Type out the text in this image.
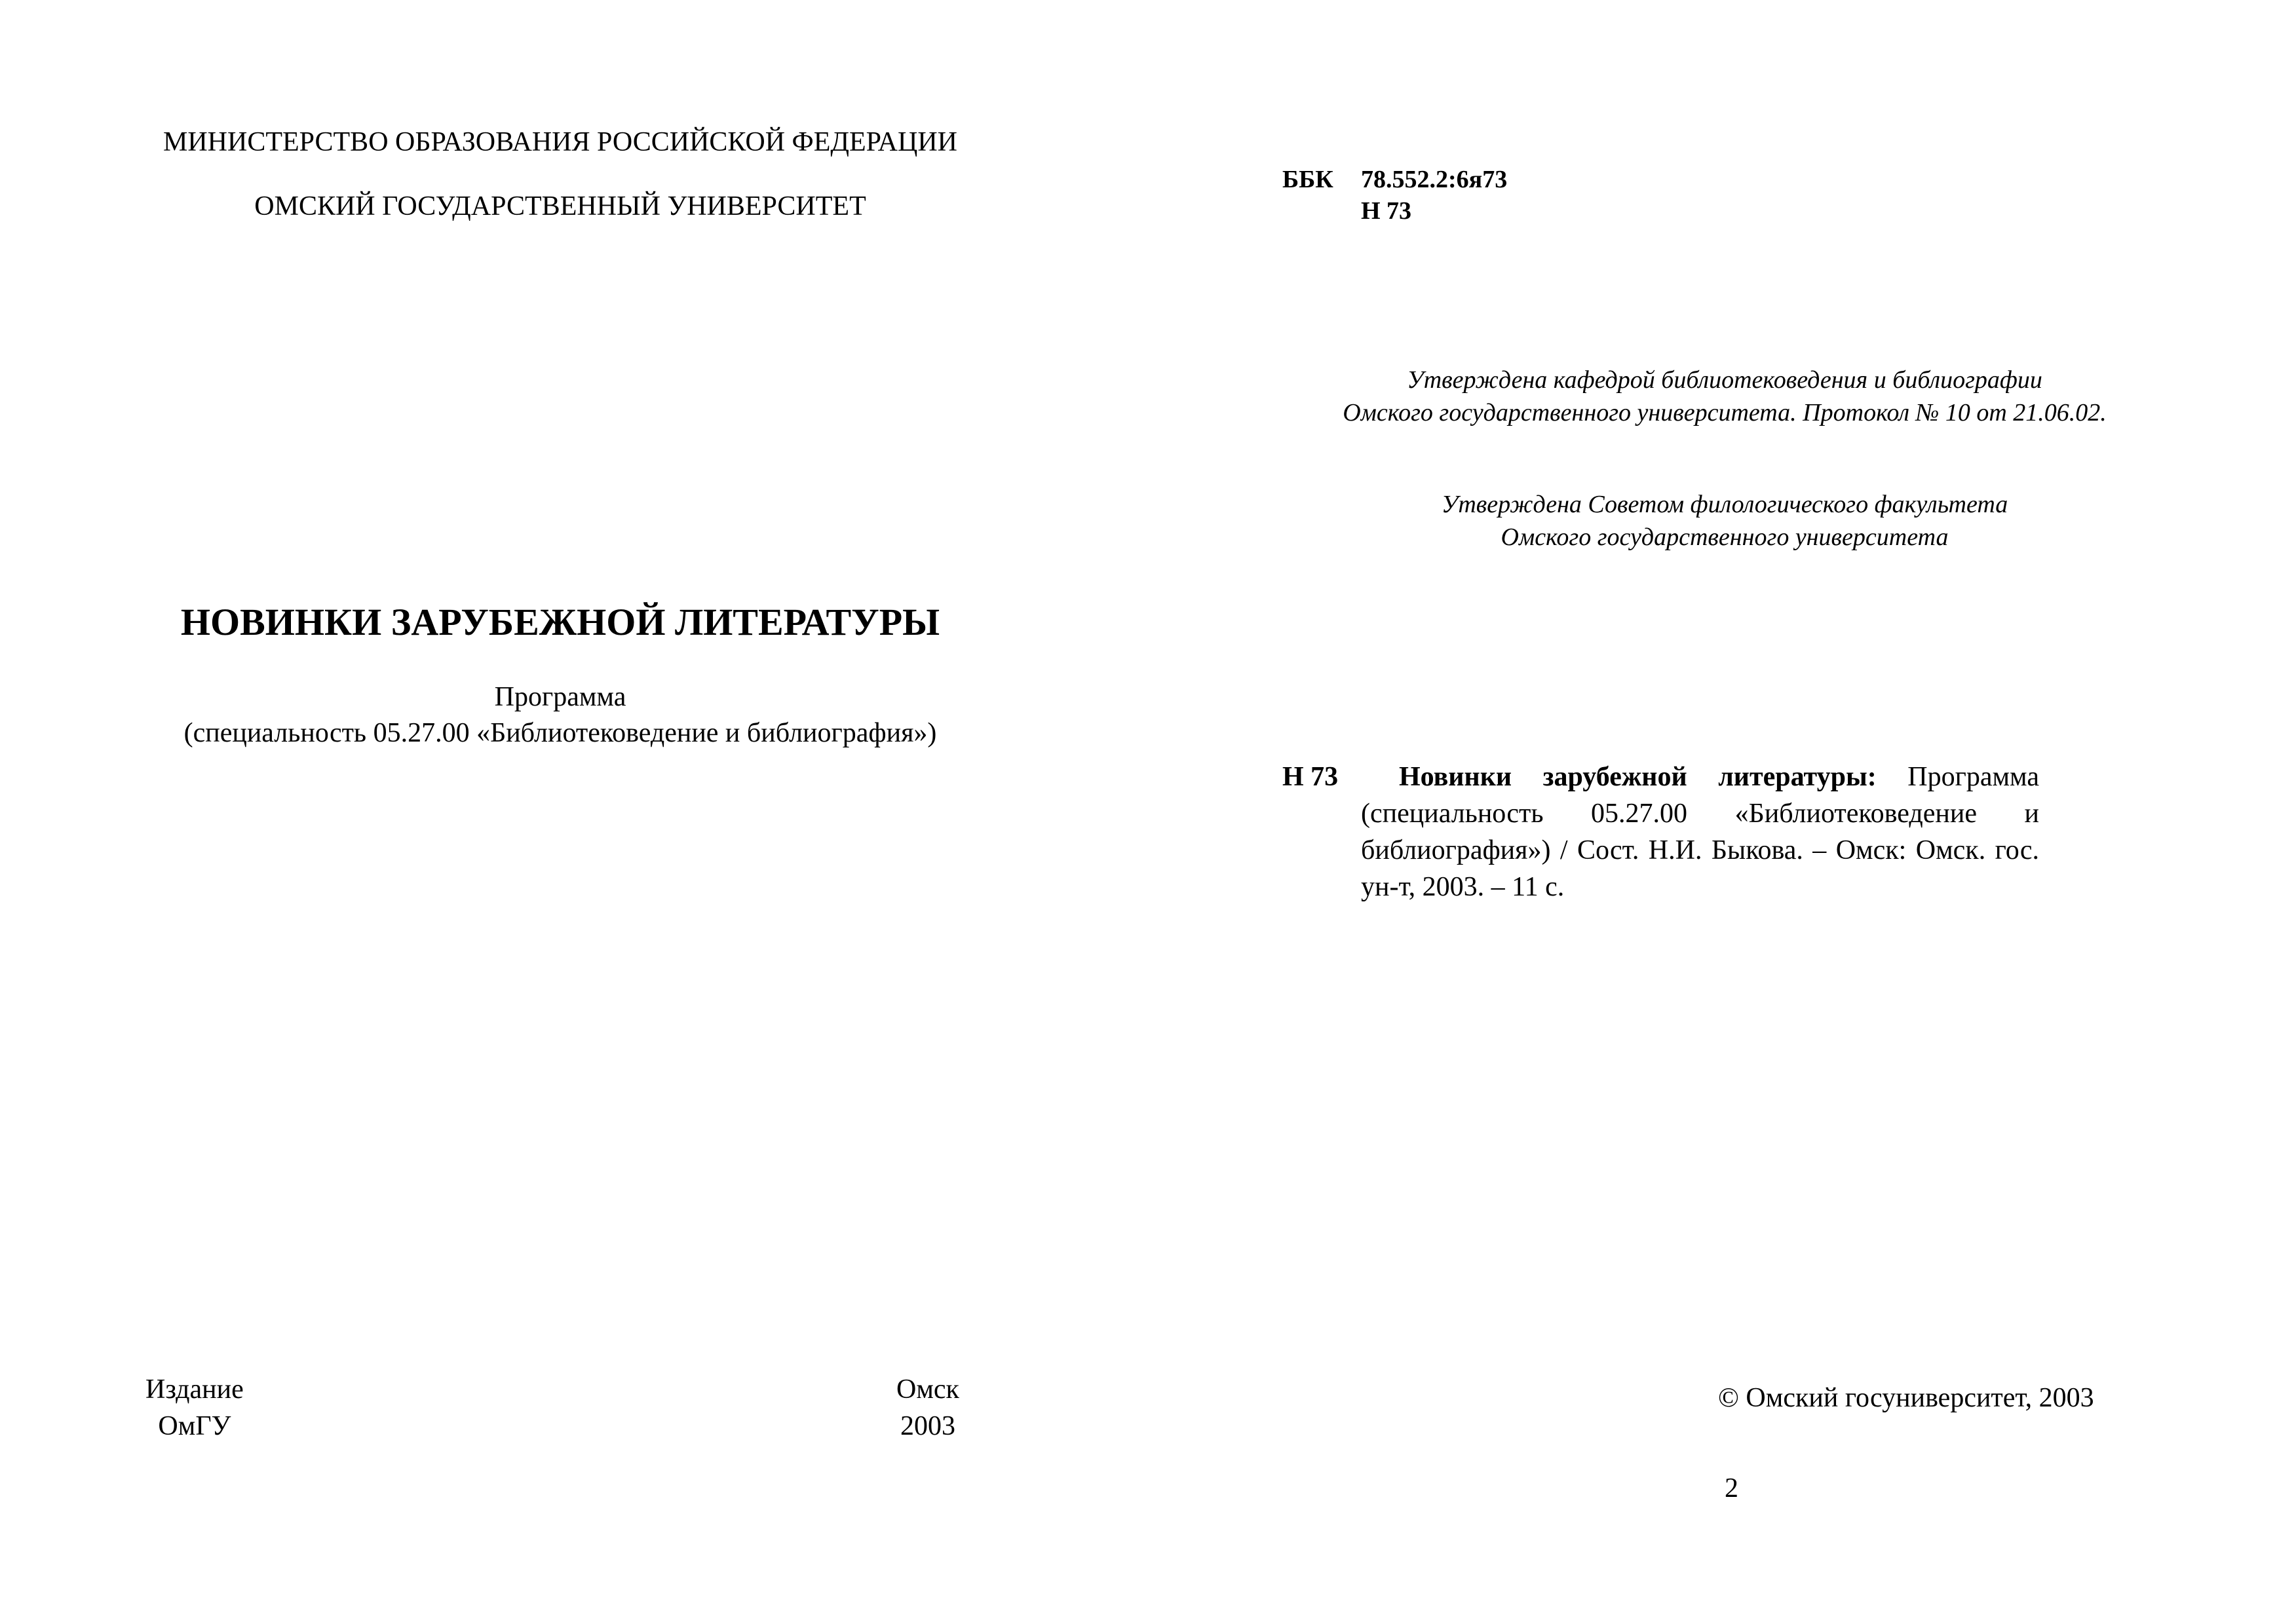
МИНИСТЕРСТВО ОБРАЗОВАНИЯ РОССИЙСКОЙ ФЕДЕРАЦИИ
ОМСКИЙ ГОСУДАРСТВЕННЫЙ УНИВЕРСИТЕТ
НОВИНКИ ЗАРУБЕЖНОЙ ЛИТЕРАТУРЫ
Программа
(специальность 05.27.00 «Библиотековедение и библиография»)
Издание
ОмГУ
Омск
2003
ББК 78.552.2:6я73
Н 73
Утверждена кафедрой библиотековедения и библиографии
Омского государственного университета. Протокол № 10 от 21.06.02.
Утверждена Советом филологического факультета
Омского государственного университета
Н 73	Новинки зарубежной литературы: Программа (специальность 05.27.00 «Библиотековедение и библиография») / Сост. Н.И. Быкова. – Омск: Омск. гос. ун-т, 2003. – 11 с.
© Омский госуниверситет, 2003
2
